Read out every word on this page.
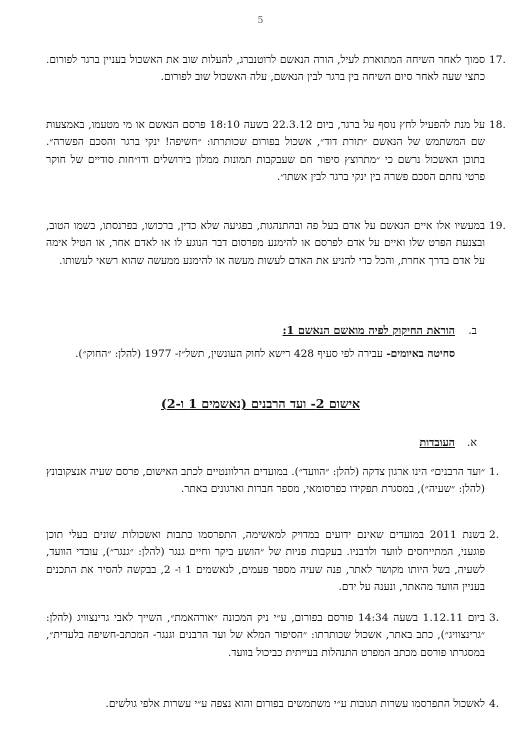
5
17.
סמוך לאחר השיחה המתוארת לעיל, הורה הנאשם לרוטנברג, להעלות שוב את האשכול בעניין ברגר לפורום. כתצי שעה לאחר סיום השיחה בין ברגר לבין הנאשם, עלה האשכול שוב לפורום.
18.
על מנת להפעיל לחץ נוסף על ברגר, ביום 22.3.12 בשעה 18:10 פרסם הנאשם או מי מטעמו, באמצעות שם המשתמש של הנאשם ״תורת דוד״, אשכול בפורום שכותרתו: ״חשיפה! ינקי ברגר והסכם הפשרה״. בתוכן האשכול נרשם כי ״מתרוצץ סיפור חם שעבקבות תמונות ממלון בירושלים ודו״חות סודיים של חוקר פרטי נחתם הסכם פשרה בין ינקי ברגר לבין אשתו״.
19.
במעשיו אלו איים הנאשם על אדם בעל פה ובהתנהגות, בפגיעה שלא כדין, ברכושו, בפרנסתו, בשמו הטוב, ובצנעת הפרט שלו ואיים על אדם לפרסם או להימנע מפרסום דבר הנוגע לו או לאדם אחר, או הטיל אימה על אדם בדרך אחרת, והכל כדי להניע את האדם לעשות מעשה או להימנע ממעשה שהוא רשאי לעשותו.
ב.
הוראת החיקוק לפיה מואשם הנאשם 1:
סחיטה באיומים- עבירה לפי סעיף 428 רישא לחוק העונשין, תשל״ז- 1977 (להלן: ״החוק״).
אישום 2- ועד הרבנים (נאשמים 1 ו-2)
א.
העובדות
1.
״ועד הרבנים״ הינו ארגון צדקה (להלן: ״הוועד״). במועדים הרלוונטיים לכתב האישום, פרסם שעיה אנצקובונץ (להלן: ״שעיה״), במסגרת תפקידו כפרסומאי, מספר חברות וארגונים באתר.
2.
בשנת 2011 במועדים שאינם ידועים במדויק למאשימה, התפרסמו כתבות ואשכולות שונים בעלי תוכן פוגעני, המתייחסים לוועד ולרבניו. בעקבות פניות של ״הושע ביקר וחיים גנגר (להלן: ״גנגר״), עובדי הוועד, לשעיה, בשל היותו מקושר לאתר, פנה שעיה מספר פעמים, לנאשמים 1 ו- 2, בבקשה להסיר את התכנים בעניין הוועד מהאתר, ונענה על ידם.
3.
ביום 1.12.11 בשעה 14:34 פורסם בפורום, ע״י ניק המכונה ״אורהאמת״, השייך לאבי גרינצוויג (להלן: ״גרינצוויג״), כתב באתר, אשכול שכותרתו: ״הסיפור המלא של ועד הרבנים וגנגר- המכתב-חשיפה בלעדית״, במסגרתו פורסם מכתב המפרט התנהלות בעייתית כביכול בוועד.
4.
לאשכול התפרסמו עשרות תגובות ע״י משתמשים בפורום והוא נצפה ע״י עשרות אלפי גולשים.
